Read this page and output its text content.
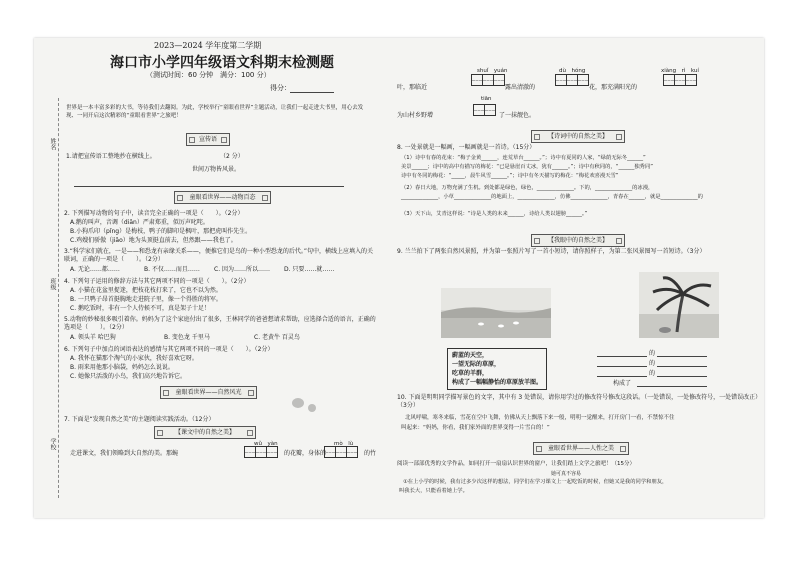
姓名
班级
学校
2023—2024 学年度第二学期
海口市小学四年级语文科期末检测题
（测试时间：60 分钟 满分：100 分）
得分：
世界是一本丰富多彩的大书，等待我们去翻阅。为此，学校举行“童眼看世界”主题活动，让我们一起走进大书里，用心去发现、一同开启这次精彩的“童眼看世界”之旅吧！
宣传语
1.请把宣传语工整地抄在横线上。	（2 分）
世间万物皆风景。
童眼看世界——动物百态
2. 下列描写动物的句子中，读音完全正确的一项是（　　）。（2分）
A.鹅的叫声，音调（diān）严肃郑重，似厉声叱咤。
B.小狗爪印（pǐng）是梅枝，鸭子的脚印是枫叶，那把虎叫作先生。
C.鸡嫂们骄傲（jiāo）地为头顶挺直前去，但然跟——我也了。
3.“科学家们就在，一是——和恐龙有亲缘关系——，便推它们是鸟的一种小型恐龙的后代。”句中，横线上应填入的关联词，正确的一项是（　　）。（2分）
A. 无论……都……	B. 不仅……而且…… C. 因为……所以…… D. 只要……就……
4. 下列句子运用的修辞方法与其它两项不同的一项是（　　）。（2分）
A. 小猫在花盆里捉迷，把枝花枝打来了，它也不以为然。
B. 一只鸭子昂首挺胸地走进院子里，像一个得胜的将军。
C. 鹅吃饭时，非有一个人侍候不可，真是架子十足！
5.动物的妙秘很多吸引着你。妈妈为了这个家庭付出了很多，王林同学的爸爸想请求帮助，应选择合适的语言，正确的选项是（　　）。（2分）
A. 领头羊 哈巴狗	B. 变色龙 千里马	C. 老黄牛 百灵鸟
6. 下列句子中加点的词语表达的感情与其它两项不同的一项是（　　）。（2分）
A. 我怀在猫那个淘气的小家伙，我好喜欢它呀。
B. 雨来用他那小脑袋，妈妈怎么说说。
C. 她像只活泼的小鸟，我们高兴地告诉它。
童眼看世界——自然风光
7. 下面是“发现自然之美”的主题阅读实践活动。（12分）
【课文中的自然之美】
wǔ　yàn	mò　lù
走进课文，我们领略到大自然的美。那蜿	的花瓣，身体的	的竹
shuǐ　yuán	dù　hóng	xiàng　rì　kuí
叶，那临近	露出清澈的	花，那充满阳光的
tiān
为山村乡野增	了一抹靓色。
【诗词中的自然之美】
8. 一处景就是一幅画，一幅画就是一首诗。（15分）
（1）诗中有春的花束：“梅子金黄______，连荒草台______。”；诗中有夏同的人家，“绿荫无际冬______”
美景______；诗中的高中有描写的梅花：“已是悬崖百丈冰，犹有______。”；诗中有秋同的，“______独秀同”
诗中有冬同的梅花：“_____，晨牛风雪______。”；诗中有冬天描写的梅花：“梅花欢喜漫天雪”
（2）春日大地，万物充满了生机。到处都是绿色，绿色，______________。下的，______________的冰漫，
______________，小草______________的地面上，______________，仿佛______________，青春在______，就是______________的
（3）天下山，艾青这样说：“诗是人类的未来______，诗给人类以翅膀______。”
【我眼中的自然之美】
9. 兰兰拍下了两张自然风景照，并为第一张照片写了一首小短诗，请你照样子，为第二张风景图写一首短诗。（3分）
蔚蓝的天空，
一望无际的草原，
吃草的羊群，
构成了一幅幅静怡的草原放羊图。
的
的
的
构成了
10. 下面是明明同学描写景色的文字，其中有 3 处错误，请你用学过的修改符号修改这段话。（一处错误，一处修改符号，一处错误改正）（3分）
北风呼啸，寒冬来临，雪花在空中飞舞，仿佛从天上飘落下来一般，明明一觉醒来，打开房门一看，不禁惊不住
叫起来：“妈妈，你看，我们家外面的世界变得一片雪白的！”
童眼看世界——人性之美
阅读一部部优秀的文学作品，如同打开一扇扇认识世界的窗户，让我们踏上文学之旅吧！（15分）
她可真不容易
①在上小学的时候，我有过多少次这样的想法，同学们在学习课文上一起吃饭的时候，但她又是我的同学和朋友，
叫我长大，只能看着她上学。
